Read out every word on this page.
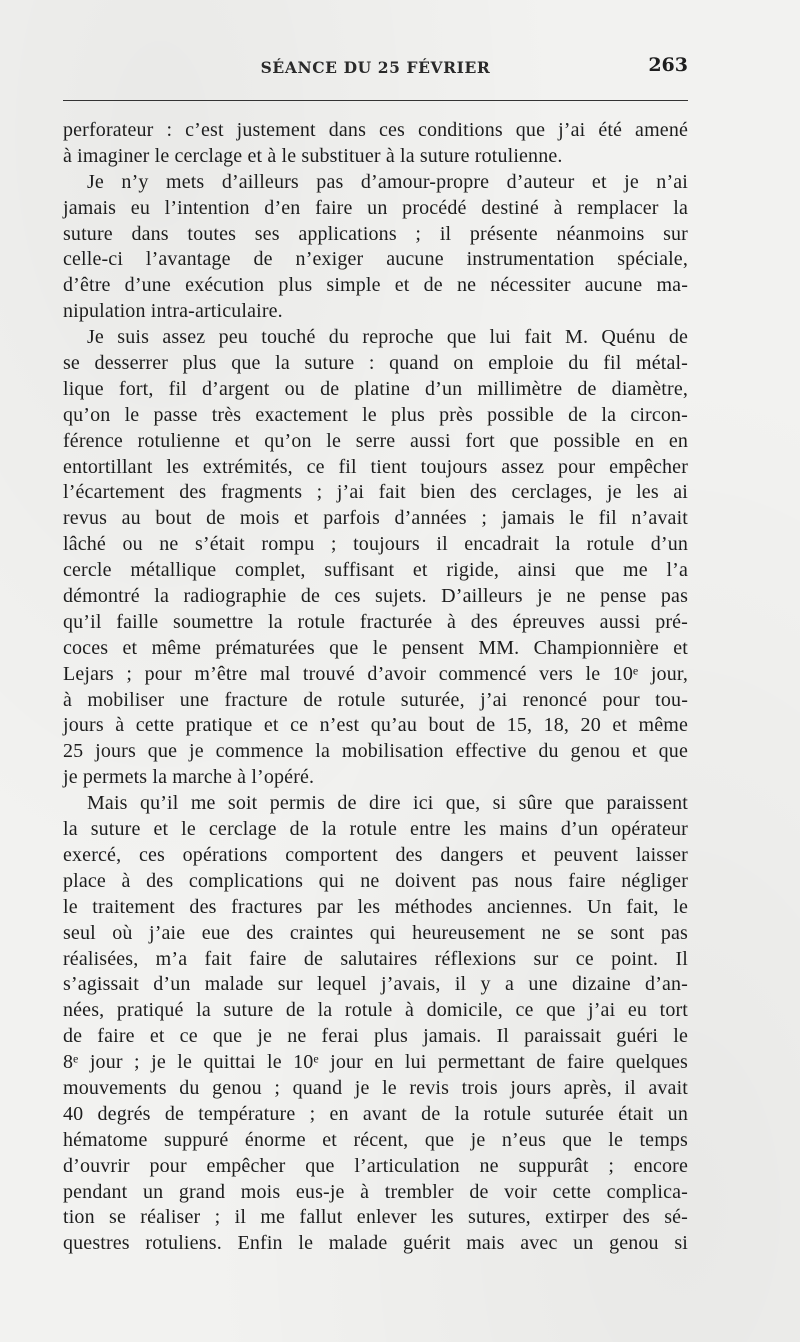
SÉANCE DU 25 FÉVRIER	263
perforateur : c’est justement dans ces conditions que j’ai été amené
à imaginer le cerclage et à le substituer à la suture rotulienne.
Je n’y mets d’ailleurs pas d’amour-propre d’auteur et je n’ai
jamais eu l’intention d’en faire un procédé destiné à remplacer la
suture dans toutes ses applications ; il présente néanmoins sur
celle-ci l’avantage de n’exiger aucune instrumentation spéciale,
d’être d’une exécution plus simple et de ne nécessiter aucune ma-
nipulation intra-articulaire.
Je suis assez peu touché du reproche que lui fait M. Quénu de
se desserrer plus que la suture : quand on emploie du fil métal-
lique fort, fil d’argent ou de platine d’un millimètre de diamètre,
qu’on le passe très exactement le plus près possible de la circon-
férence rotulienne et qu’on le serre aussi fort que possible en en
entortillant les extrémités, ce fil tient toujours assez pour empêcher
l’écartement des fragments ; j’ai fait bien des cerclages, je les ai
revus au bout de mois et parfois d’années ; jamais le fil n’avait
lâché ou ne s’était rompu ; toujours il encadrait la rotule d’un
cercle métallique complet, suffisant et rigide, ainsi que me l’a
démontré la radiographie de ces sujets. D’ailleurs je ne pense pas
qu’il faille soumettre la rotule fracturée à des épreuves aussi pré-
coces et même prématurées que le pensent MM. Championnière et
Lejars ; pour m’être mal trouvé d’avoir commencé vers le 10ᵉ jour,
à mobiliser une fracture de rotule suturée, j’ai renoncé pour tou-
jours à cette pratique et ce n’est qu’au bout de 15, 18, 20 et même
25 jours que je commence la mobilisation effective du genou et que
je permets la marche à l’opéré.
Mais qu’il me soit permis de dire ici que, si sûre que paraissent
la suture et le cerclage de la rotule entre les mains d’un opérateur
exercé, ces opérations comportent des dangers et peuvent laisser
place à des complications qui ne doivent pas nous faire négliger
le traitement des fractures par les méthodes anciennes. Un fait, le
seul où j’aie eue des craintes qui heureusement ne se sont pas
réalisées, m’a fait faire de salutaires réflexions sur ce point. Il
s’agissait d’un malade sur lequel j’avais, il y a une dizaine d’an-
nées, pratiqué la suture de la rotule à domicile, ce que j’ai eu tort
de faire et ce que je ne ferai plus jamais. Il paraissait guéri le
8ᵉ jour ; je le quittai le 10ᵉ jour en lui permettant de faire quelques
mouvements du genou ; quand je le revis trois jours après, il avait
40 degrés de température ; en avant de la rotule suturée était un
hématome suppuré énorme et récent, que je n’eus que le temps
d’ouvrir pour empêcher que l’articulation ne suppurât ; encore
pendant un grand mois eus-je à trembler de voir cette complica-
tion se réaliser ; il me fallut enlever les sutures, extirper des sé-
questres rotuliens. Enfin le malade guérit mais avec un genou si
